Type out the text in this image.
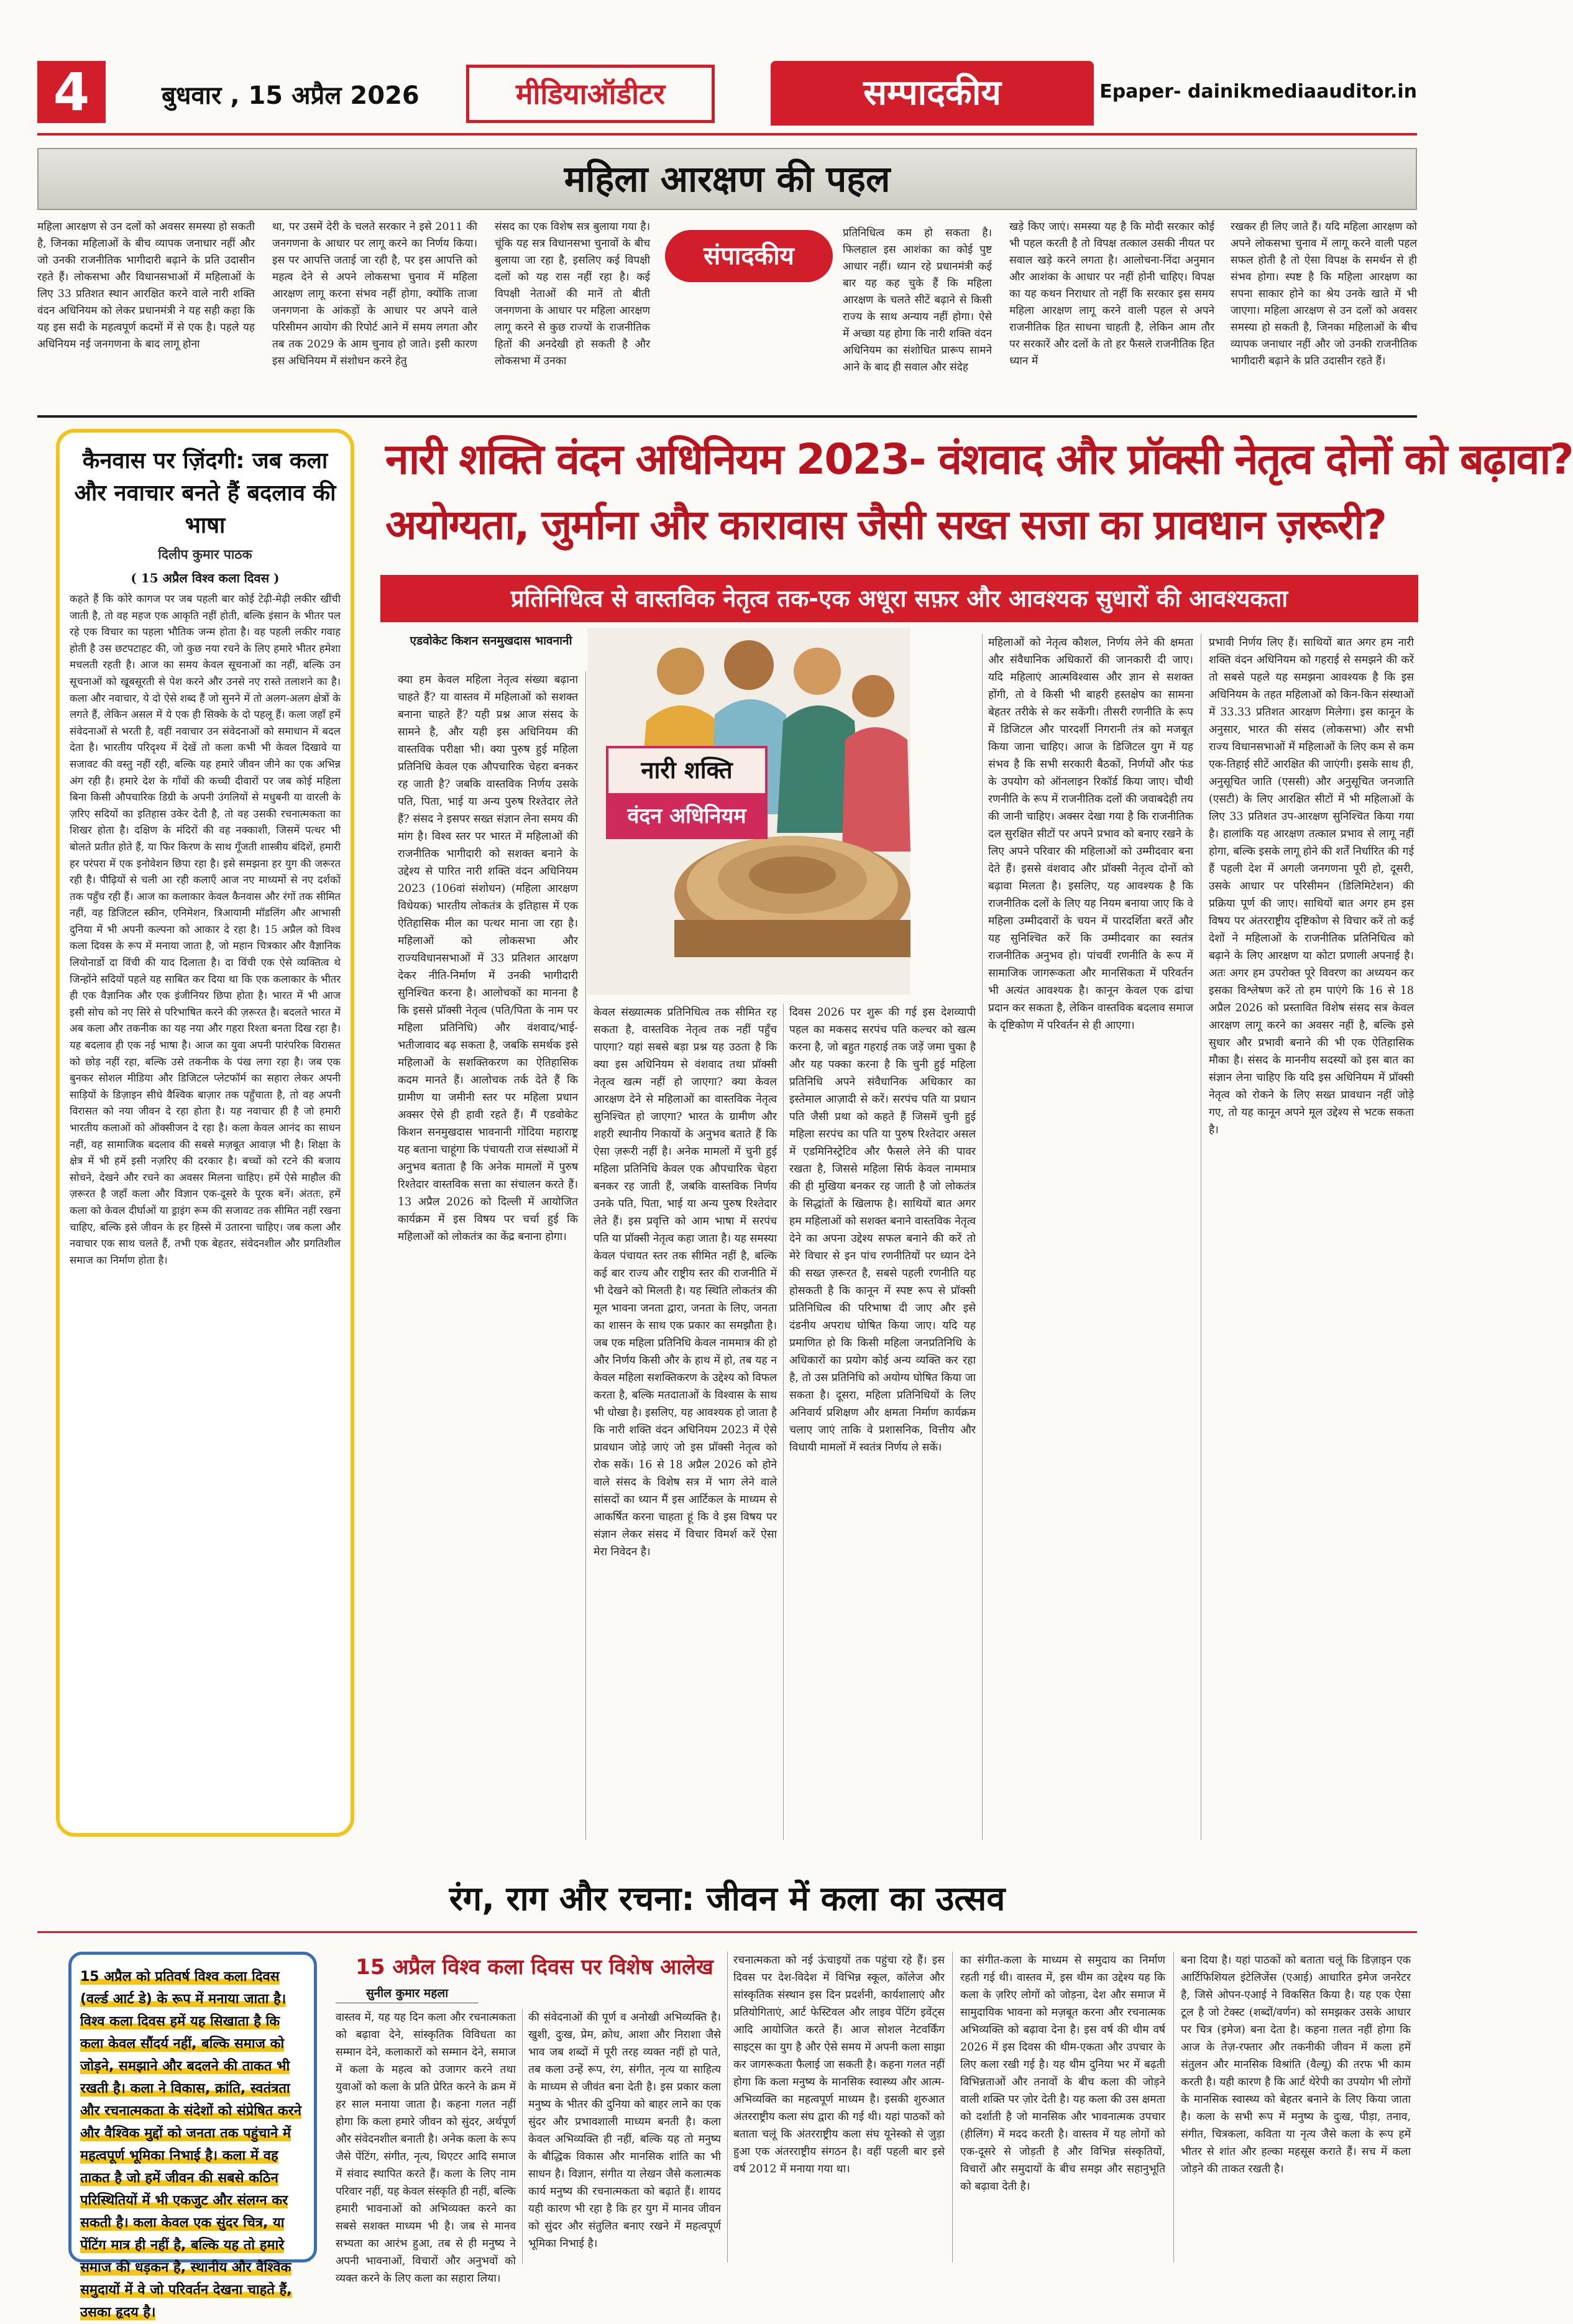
4	बुधवार , 15 अप्रैल 2026	मीडियाऑडीटर	सम्पादकीय	Epaper- dainikmediaauditor.in
महिला आरक्षण की पहल
महिला आरक्षण से उन दलों को अवसर समस्या हो सकती है, जिनका महिलाओं के बीच व्यापक जनाधार नहीं और जो उनकी राजनीतिक भागीदारी बढ़ाने के प्रति उदासीन रहते हैं। लोकसभा और विधानसभाओं में महिलाओं के लिए 33 प्रतिशत स्थान आरक्षित करने वाले नारी शक्ति वंदन अधिनियम को लेकर प्रधानमंत्री ने यह सही कहा कि यह इस सदी के महत्वपूर्ण कदमों में से एक है। पहले यह अधिनियम नई जनगणना के बाद लागू होना
था, पर उसमें देरी के चलते सरकार ने इसे 2011 की जनगणना के आधार पर लागू करने का निर्णय किया। इस पर आपत्ति जताई जा रही है, पर इस आपत्ति को महत्व देने से अपने लोकसभा चुनाव में महिला आरक्षण लागू करना संभव नहीं होगा, क्योंकि ताजा जनगणना के आंकड़ों के आधार पर अपने वाले परिसीमन आयोग की रिपोर्ट आने में समय लगता और तब तक 2029 के आम चुनाव हो जाते। इसी कारण इस अधिनियम में संशोधन करने हेतु
संसद का एक विशेष सत्र बुलाया गया है। चूंकि यह सत्र विधानसभा चुनावों के बीच बुलाया जा रहा है, इसलिए कई विपक्षी दलों को यह रास नहीं रहा है। कई विपक्षी नेताओं की मानें तो बीती जनगणना के आधार पर महिला आरक्षण लागू करने से कुछ राज्यों के राजनीतिक हितों की अनदेखी हो सकती है और लोकसभा में उनका
प्रतिनिधित्व कम हो सकता है। फिलहाल इस आशंका का कोई पुष्ट आधार नहीं। ध्यान रहे प्रधानमंत्री कई बार यह कह चुके हैं कि महिला आरक्षण के चलते सीटें बढ़ाने से किसी राज्य के साथ अन्याय नहीं होगा। ऐसे में अच्छा यह होगा कि नारी शक्ति वंदन अधिनियम का संशोधित प्रारूप सामने आने के बाद ही सवाल और संदेह
खड़े किए जाएं। समस्या यह है कि मोदी सरकार कोई भी पहल करती है तो विपक्ष तत्काल उसकी नीयत पर सवाल खड़े करने लगता है। आलोचना-निंदा अनुमान और आशंका के आधार पर नहीं होनी चाहिए। विपक्ष का यह कथन निराधार तो नहीं कि सरकार इस समय महिला आरक्षण लागू करने वाली पहल से अपने राजनीतिक हित साधना चाहती है, लेकिन आम तौर पर सरकारें और दलों के तो हर फैसले राजनीतिक हित ध्यान में
रखकर ही लिए जाते हैं। यदि महिला आरक्षण को अपने लोकसभा चुनाव में लागू करने वाली पहल सफल होती है तो ऐसा विपक्ष के समर्थन से ही संभव होगा। स्पष्ट है कि महिला आरक्षण का सपना साकार होने का श्रेय उनके खाते में भी जाएगा। महिला आरक्षण से उन दलों को अवसर समस्या हो सकती है, जिनका महिलाओं के बीच व्यापक जनाधार नहीं और जो उनकी राजनीतिक भागीदारी बढ़ाने के प्रति उदासीन रहते हैं।
संपादकीय
कैनवास पर ज़िंदगी: जब कला और नवाचार बनते हैं बदलाव की भाषा
दिलीप कुमार पाठक
( 15 अप्रैल विश्व कला दिवस )
कहते हैं कि कोरे कागज पर जब पहली बार कोई टेढ़ी-मेढ़ी लकीर खींची जाती है, तो वह महज एक आकृति नहीं होती, बल्कि इंसान के भीतर पल रहे एक विचार का पहला भौतिक जन्म होता है। वह पहली लकीर गवाह होती है उस छटपटाहट की, जो कुछ नया रचने के लिए हमारे भीतर हमेशा मचलती रहती है। आज का समय केवल सूचनाओं का नहीं, बल्कि उन सूचनाओं को खूबसूरती से पेश करने और उनसे नए रास्ते तलाशने का है। कला और नवाचार, ये दो ऐसे शब्द हैं जो सुनने में तो अलग-अलग क्षेत्रों के लगते हैं, लेकिन असल में ये एक ही सिक्के के दो पहलू हैं। कला जहाँ हमें संवेदनाओं से भरती है, वहीं नवाचार उन संवेदनाओं को समाधान में बदल देता है। भारतीय परिदृश्य में देखें तो कला कभी भी केवल दिखावे या सजावट की वस्तु नहीं रही, बल्कि यह हमारे जीवन जीने का एक अभिन्न अंग रही है। हमारे देश के गाँवों की कच्ची दीवारों पर जब कोई महिला बिना किसी औपचारिक डिग्री के अपनी उंगलियों से मधुबनी या वारली के ज़रिए सदियों का इतिहास उकेर देती है, तो वह उसकी रचनात्मकता का शिखर होता है। दक्षिण के मंदिरों की वह नक्काशी, जिसमें पत्थर भी बोलते प्रतीत होते हैं, या फिर किरण के साथ गूँजती शास्त्रीय बंदिशें, हमारी हर परंपरा में एक इनोवेशन छिपा रहा है। इसे समझना हर युग की जरूरत रही है। पीढ़ियों से चली आ रही कलाएँ आज नए माध्यमों से नए दर्शकों तक पहुँच रही हैं। आज का कलाकार केवल कैनवास और रंगों तक सीमित नहीं, वह डिजिटल स्क्रीन, एनिमेशन, त्रिआयामी मॉडलिंग और आभासी दुनिया में भी अपनी कल्पना को आकार दे रहा है। 15 अप्रैल को विश्व कला दिवस के रूप में मनाया जाता है, जो महान चित्रकार और वैज्ञानिक लियोनार्डो दा विंची की याद दिलाता है। दा विंची एक ऐसे व्यक्तित्व थे जिन्होंने सदियों पहले यह साबित कर दिया था कि एक कलाकार के भीतर ही एक वैज्ञानिक और एक इंजीनियर छिपा होता है। भारत में भी आज इसी सोच को नए सिरे से परिभाषित करने की ज़रूरत है। बदलते भारत में अब कला और तकनीक का यह नया और गहरा रिश्ता बनता दिख रहा है। यह बदलाव ही एक नई भाषा है। आज का युवा अपनी पारंपरिक विरासत को छोड़ नहीं रहा, बल्कि उसे तकनीक के पंख लगा रहा है। जब एक बुनकर सोशल मीडिया और डिजिटल प्लेटफॉर्म का सहारा लेकर अपनी साड़ियों के डिज़ाइन सीधे वैश्विक बाज़ार तक पहुँचाता है, तो वह अपनी विरासत को नया जीवन दे रहा होता है। यह नवाचार ही है जो हमारी भारतीय कलाओं को ऑक्सीजन दे रहा है। कला केवल आनंद का साधन नहीं, वह सामाजिक बदलाव की सबसे मज़बूत आवाज़ भी है। शिक्षा के क्षेत्र में भी हमें इसी नज़रिए की दरकार है। बच्चों को रटने की बजाय सोचने, देखने और रचने का अवसर मिलना चाहिए। हमें ऐसे माहौल की ज़रूरत है जहाँ कला और विज्ञान एक-दूसरे के पूरक बनें। अंततः, हमें कला को केवल दीर्घाओं या ड्राइंग रूम की सजावट तक सीमित नहीं रखना चाहिए, बल्कि इसे जीवन के हर हिस्से में उतारना चाहिए। जब कला और नवाचार एक साथ चलते हैं, तभी एक बेहतर, संवेदनशील और प्रगतिशील समाज का निर्माण होता है।
नारी शक्ति वंदन अधिनियम 2023- वंशवाद और प्रॉक्सी नेतृत्व दोनों को बढ़ावा?
अयोग्यता, जुर्माना और कारावास जैसी सख्त सजा का प्रावधान ज़रूरी?
प्रतिनिधित्व से वास्तविक नेतृत्व तक-एक अधूरा सफ़र और आवश्यक सुधारों की आवश्यकता
एडवोकेट किशन सनमुखदास भावनानी
नारी शक्ति
वंदन अधिनियम
क्या हम केवल महिला नेतृत्व संख्या बढ़ाना चाहते हैं? या वास्तव में महिलाओं को सशक्त बनाना चाहते हैं? यही प्रश्न आज संसद के सामने है, और यही इस अधिनियम की वास्तविक परीक्षा भी। क्या पुरुष हुई महिला प्रतिनिधि केवल एक औपचारिक चेहरा बनकर रह जाती है? जबकि वास्तविक निर्णय उसके पति, पिता, भाई या अन्य पुरुष रिश्तेदार लेते हैं? संसद ने इसपर सख्त संज्ञान लेना समय की मांग है। विश्व स्तर पर भारत में महिलाओं की राजनीतिक भागीदारी को सशक्त बनाने के उद्देश्य से पारित नारी शक्ति वंदन अधिनियम 2023 (106वां संशोधन) (महिला आरक्षण विधेयक) भारतीय लोकतंत्र के इतिहास में एक ऐतिहासिक मील का पत्थर माना जा रहा है। महिलाओं को लोकसभा और राज्यविधानसभाओं में 33 प्रतिशत आरक्षण देकर नीति-निर्माण में उनकी भागीदारी सुनिश्चित करना है। आलोचकों का मानना है कि इससे प्रॉक्सी नेतृत्व (पति/पिता के नाम पर महिला प्रतिनिधि) और वंशवाद/भाई-भतीजावाद बढ़ सकता है, जबकि समर्थक इसे महिलाओं के सशक्तिकरण का ऐतिहासिक कदम मानते हैं। आलोचक तर्क देते हैं कि ग्रामीण या जमीनी स्तर पर महिला प्रधान अक्सर ऐसे ही हावी रहते हैं। मैं एडवोकेट किशन सनमुखदास भावनानी गोंदिया महाराष्ट्र यह बताना चाहूंगा कि पंचायती राज संस्थाओं में अनुभव बताता है कि अनेक मामलों में पुरुष रिश्तेदार वास्तविक सत्ता का संचालन करते हैं। 13 अप्रैल 2026 को दिल्ली में आयोजित कार्यक्रम में इस विषय पर चर्चा हुई कि महिलाओं को लोकतंत्र का केंद्र बनाना होगा।
केवल संख्यात्मक प्रतिनिधित्व तक सीमित रह सकता है, वास्तविक नेतृत्व तक नहीं पहुँच पाएगा? यहां सबसे बड़ा प्रश्न यह उठता है कि क्या इस अधिनियम से वंशवाद तथा प्रॉक्सी नेतृत्व खत्म नहीं हो जाएगा? क्या केवल आरक्षण देने से महिलाओं का वास्तविक नेतृत्व सुनिश्चित हो जाएगा? भारत के ग्रामीण और शहरी स्थानीय निकायों के अनुभव बताते हैं कि ऐसा ज़रूरी नहीं है। अनेक मामलों में चुनी हुई महिला प्रतिनिधि केवल एक औपचारिक चेहरा बनकर रह जाती हैं, जबकि वास्तविक निर्णय उनके पति, पिता, भाई या अन्य पुरुष रिश्तेदार लेते हैं। इस प्रवृत्ति को आम भाषा में सरपंच पति या प्रॉक्सी नेतृत्व कहा जाता है। यह समस्या केवल पंचायत स्तर तक सीमित नहीं है, बल्कि कई बार राज्य और राष्ट्रीय स्तर की राजनीति में भी देखने को मिलती है। यह स्थिति लोकतंत्र की मूल भावना जनता द्वारा, जनता के लिए, जनता का शासन के साथ एक प्रकार का समझौता है। जब एक महिला प्रतिनिधि केवल नाममात्र की हो और निर्णय किसी और के हाथ में हो, तब यह न केवल महिला सशक्तिकरण के उद्देश्य को विफल करता है, बल्कि मतदाताओं के विश्वास के साथ भी धोखा है। इसलिए, यह आवश्यक हो जाता है कि नारी शक्ति वंदन अधिनियम 2023 में ऐसे प्रावधान जोड़े जाएं जो इस प्रॉक्सी नेतृत्व को रोक सकें। 16 से 18 अप्रैल 2026 को होने वाले संसद के विशेष सत्र में भाग लेने वाले सांसदों का ध्यान मैं इस आर्टिकल के माध्यम से आकर्षित करना चाहता हूं कि वे इस विषय पर संज्ञान लेकर संसद में विचार विमर्श करें ऐसा मेरा निवेदन है।
दिवस 2026 पर शुरू की गई इस देशव्यापी पहल का मकसद सरपंच पति कल्चर को खत्म करना है, जो बहुत गहराई तक जड़ें जमा चुका है और यह पक्का करना है कि चुनी हुई महिला प्रतिनिधि अपने संवैधानिक अधिकार का इस्तेमाल आज़ादी से करें। सरपंच पति या प्रधान पति जैसी प्रथा को कहते हैं जिसमें चुनी हुई महिला सरपंच का पति या पुरुष रिश्तेदार असल में एडमिनिस्ट्रेटिव और फैसले लेने की पावर रखता है, जिससे महिला सिर्फ केवल नाममात्र की ही मुखिया बनकर रह जाती है जो लोकतंत्र के सिद्धांतों के खिलाफ है। साथियों बात अगर हम महिलाओं को सशक्त बनाने वास्तविक नेतृत्व देने का अपना उद्देश्य सफल बनाने की करें तो मेरे विचार से इन पांच रणनीतियों पर ध्यान देने की सख्त ज़रूरत है, सबसे पहली रणनीति यह होसकती है कि कानून में स्पष्ट रूप से प्रॉक्सी प्रतिनिधित्व की परिभाषा दी जाए और इसे दंडनीय अपराध घोषित किया जाए। यदि यह प्रमाणित हो कि किसी महिला जनप्रतिनिधि के अधिकारों का प्रयोग कोई अन्य व्यक्ति कर रहा है, तो उस प्रतिनिधि को अयोग्य घोषित किया जा सकता है। दूसरा, महिला प्रतिनिधियों के लिए अनिवार्य प्रशिक्षण और क्षमता निर्माण कार्यक्रम चलाए जाएं ताकि वे प्रशासनिक, वित्तीय और विधायी मामलों में स्वतंत्र निर्णय ले सकें।
महिलाओं को नेतृत्व कौशल, निर्णय लेने की क्षमता और संवैधानिक अधिकारों की जानकारी दी जाए। यदि महिलाएं आत्मविश्वास और ज्ञान से सशक्त होंगी, तो वे किसी भी बाहरी हस्तक्षेप का सामना बेहतर तरीके से कर सकेंगी। तीसरी रणनीति के रूप में डिजिटल और पारदर्शी निगरानी तंत्र को मजबूत किया जाना चाहिए। आज के डिजिटल युग में यह संभव है कि सभी सरकारी बैठकों, निर्णयों और फंड के उपयोग को ऑनलाइन रिकॉर्ड किया जाए। चौथी रणनीति के रूप में राजनीतिक दलों की जवाबदेही तय की जानी चाहिए। अक्सर देखा गया है कि राजनीतिक दल सुरक्षित सीटों पर अपने प्रभाव को बनाए रखने के लिए अपने परिवार की महिलाओं को उम्मीदवार बना देते हैं। इससे वंशवाद और प्रॉक्सी नेतृत्व दोनों को बढ़ावा मिलता है। इसलिए, यह आवश्यक है कि राजनीतिक दलों के लिए यह नियम बनाया जाए कि वे महिला उम्मीदवारों के चयन में पारदर्शिता बरतें और यह सुनिश्चित करें कि उम्मीदवार का स्वतंत्र राजनीतिक अनुभव हो। पांचवीं रणनीति के रूप में सामाजिक जागरूकता और मानसिकता में परिवर्तन भी अत्यंत आवश्यक है। कानून केवल एक ढांचा प्रदान कर सकता है, लेकिन वास्तविक बदलाव समाज के दृष्टिकोण में परिवर्तन से ही आएगा।
प्रभावी निर्णय लिए हैं। साथियों बात अगर हम नारी शक्ति वंदन अधिनियम को गहराई से समझने की करें तो सबसे पहले यह समझना आवश्यक है कि इस अधिनियम के तहत महिलाओं को किन-किन संस्थाओं में 33.33 प्रतिशत आरक्षण मिलेगा। इस कानून के अनुसार, भारत की संसद (लोकसभा) और सभी राज्य विधानसभाओं में महिलाओं के लिए कम से कम एक-तिहाई सीटें आरक्षित की जाएंगी। इसके साथ ही, अनुसूचित जाति (एससी) और अनुसूचित जनजाति (एसटी) के लिए आरक्षित सीटों में भी महिलाओं के लिए 33 प्रतिशत उप-आरक्षण सुनिश्चित किया गया है। हालांकि यह आरक्षण तत्काल प्रभाव से लागू नहीं होगा, बल्कि इसके लागू होने की शर्तें निर्धारित की गई हैं पहली देश में अगली जनगणना पूरी हो, दूसरी, उसके आधार पर परिसीमन (डिलिमिटेशन) की प्रक्रिया पूर्ण की जाए। साथियों बात अगर हम इस विषय पर अंतरराष्ट्रीय दृष्टिकोण से विचार करें तो कई देशों ने महिलाओं के राजनीतिक प्रतिनिधित्व को बढ़ाने के लिए आरक्षण या कोटा प्रणाली अपनाई है। अतः अगर हम उपरोक्त पूरे विवरण का अध्ययन कर इसका विश्लेषण करें तो हम पाएंगे कि 16 से 18 अप्रैल 2026 को प्रस्तावित विशेष संसद सत्र केवल आरक्षण लागू करने का अवसर नहीं है, बल्कि इसे सुधार और प्रभावी बनाने की भी एक ऐतिहासिक मौका है। संसद के माननीय सदस्यों को इस बात का संज्ञान लेना चाहिए कि यदि इस अधिनियम में प्रॉक्सी नेतृत्व को रोकने के लिए सख्त प्रावधान नहीं जोड़े गए, तो यह कानून अपने मूल उद्देश्य से भटक सकता है।
रंग, राग और रचना: जीवन में कला का उत्सव
15 अप्रैल को प्रतिवर्ष विश्व कला दिवस (वर्ल्ड आर्ट डे) के रूप में मनाया जाता है। विश्व कला दिवस हमें यह सिखाता है कि कला केवल सौंदर्य नहीं, बल्कि समाज को जोड़ने, समझाने और बदलने की ताकत भी रखती है। कला ने विकास, क्रांति, स्वतंत्रता और रचनात्मकता के संदेशों को संप्रेषित करने और वैश्विक मुद्दों को जनता तक पहुंचाने में महत्वपूर्ण भूमिका निभाई है। कला में वह ताकत है जो हमें जीवन की सबसे कठिन परिस्थितियों में भी एकजुट और संलग्न कर सकती है। कला केवल एक सुंदर चित्र, या पेंटिंग मात्र ही नहीं है, बल्कि यह तो हमारे समाज की धड़कन है, स्थानीय और वैश्विक समुदायों में वे जो परिवर्तन देखना चाहते हैं, उसका हृदय है।
15 अप्रैल विश्व कला दिवस पर विशेष आलेख
सुनील कुमार महला
वास्तव में, यह यह दिन कला और रचनात्मकता को बढ़ावा देने, सांस्कृतिक विविधता का सम्मान देने, कलाकारों को सम्मान देने, समाज में कला के महत्व को उजागर करने तथा युवाओं को कला के प्रति प्रेरित करने के क्रम में हर साल मनाया जाता है। कहना गलत नहीं होगा कि कला हमारे जीवन को सुंदर, अर्थपूर्ण और संवेदनशील बनाती है। अनेक कला के रूप जैसे पेंटिंग, संगीत, नृत्य, थिएटर आदि समाज में संवाद स्थापित करते हैं। कला के लिए नाम परिवार नहीं, यह केवल संस्कृति ही नहीं, बल्कि हमारी भावनाओं को अभिव्यक्त करने का सबसे सशक्त माध्यम भी है। जब से मानव सभ्यता का आरंभ हुआ, तब से ही मनुष्य ने अपनी भावनाओं, विचारों और अनुभवों को व्यक्त करने के लिए कला का सहारा लिया।
की संवेदनाओं की पूर्ण व अनोखी अभिव्यक्ति है। खुशी, दुःख, प्रेम, क्रोध, आशा और निराशा जैसे भाव जब शब्दों में पूरी तरह व्यक्त नहीं हो पाते, तब कला उन्हें रूप, रंग, संगीत, नृत्य या साहित्य के माध्यम से जीवंत बना देती है। इस प्रकार कला मनुष्य के भीतर की दुनिया को बाहर लाने का एक सुंदर और प्रभावशाली माध्यम बनती है। कला केवल अभिव्यक्ति ही नहीं, बल्कि यह तो मनुष्य के बौद्धिक विकास और मानसिक शांति का भी साधन है। विज्ञान, संगीत या लेखन जैसे कलात्मक कार्य मनुष्य की रचनात्मकता को बढ़ाते हैं। शायद यही कारण भी रहा है कि हर युग में मानव जीवन को सुंदर और संतुलित बनाए रखने में महत्वपूर्ण भूमिका निभाई है।
रचनात्मकता को नई ऊंचाइयों तक पहुंचा रहे हैं। इस दिवस पर देश-विदेश में विभिन्न स्कूल, कॉलेज और सांस्कृतिक संस्थान इस दिन प्रदर्शनी, कार्यशालाएं और प्रतियोगिताएं, आर्ट फेस्टिवल और लाइव पेंटिंग इवेंट्स आदि आयोजित करते हैं। आज सोशल नेटवर्किंग साइट्स का युग है और ऐसे समय में अपनी कला साझा कर जागरूकता फैलाई जा सकती है। कहना गलत नहीं होगा कि कला मनुष्य के मानसिक स्वास्थ्य और आत्म-अभिव्यक्ति का महत्वपूर्ण माध्यम है। इसकी शुरुआत अंतरराष्ट्रीय कला संघ द्वारा की गई थी। यहां पाठकों को बताता चलूं कि अंतरराष्ट्रीय कला संघ यूनेस्को से जुड़ा हुआ एक अंतरराष्ट्रीय संगठन है। वहीं पहली बार इसे वर्ष 2012 में मनाया गया था।
का संगीत-कला के माध्यम से समुदाय का निर्माण रहती गई थी। वास्तव में, इस थीम का उद्देश्य यह कि कला के ज़रिए लोगों को जोड़ना, देश और समाज में सामुदायिक भावना को मज़बूत करना और रचनात्मक अभिव्यक्ति को बढ़ावा देना है। इस वर्ष की थीम वर्ष 2026 में इस दिवस की थीम-एकता और उपचार के लिए कला रखी गई है। यह थीम दुनिया भर में बढ़ती विभिन्नताओं और तनावों के बीच कला की जोड़ने वाली शक्ति पर ज़ोर देती है। यह कला की उस क्षमता को दर्शाती है जो मानसिक और भावनात्मक उपचार (हीलिंग) में मदद करती है। वास्तव में यह लोगों को एक-दूसरे से जोड़ती है और विभिन्न संस्कृतियों, विचारों और समुदायों के बीच समझ और सहानुभूति को बढ़ावा देती है।
बना दिया है। यहां पाठकों को बताता चलूं कि डिज़ाइन एक आर्टिफिशियल इंटेलिजेंस (एआई) आधारित इमेज जनरेटर है, जिसे ओपन-एआई ने विकसित किया है। यह एक ऐसा टूल है जो टेक्स्ट (शब्दों/वर्णन) को समझकर उसके आधार पर चित्र (इमेज) बना देता है। कहना ग़लत नहीं होगा कि आज के तेज़-रफ्तार और तकनीकी जीवन में कला हमें संतुलन और मानसिक विश्रांति (वैल्यू) की तरफ भी काम करती है। यही कारण है कि आर्ट थेरेपी का उपयोग भी लोगों के मानसिक स्वास्थ्य को बेहतर बनाने के लिए किया जाता है। कला के सभी रूप में मनुष्य के दुःख, पीड़ा, तनाव, संगीत, चित्रकला, कविता या नृत्य जैसे कला के रूप हमें भीतर से शांत और हल्का महसूस कराते हैं। सच में कला जोड़ने की ताकत रखती है।
